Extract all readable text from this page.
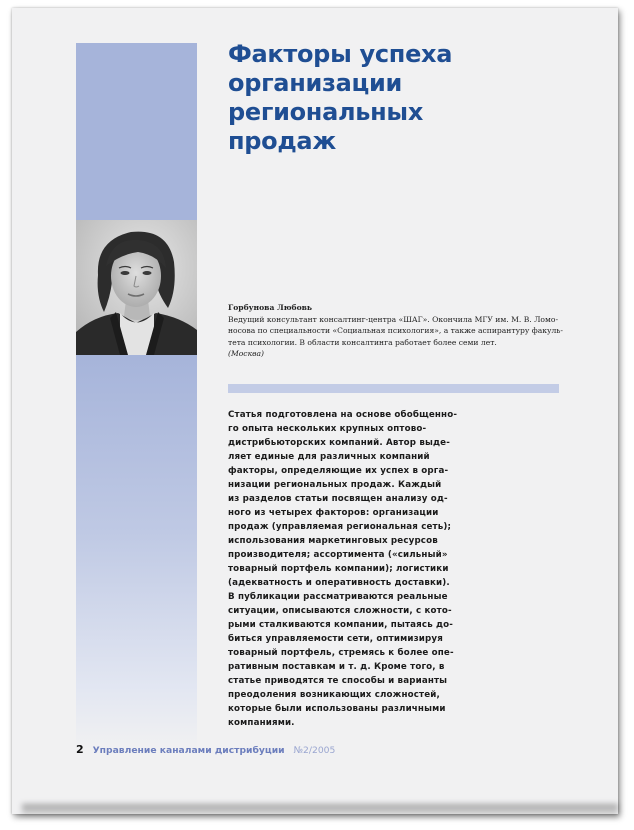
Факторы успеха
организации
региональных
продаж
Горбунова Любовь
Ведущий консультант консалтинг-центра «ШАГ». Окончила МГУ им. М. В. Ломо-
носова по специальности «Социальная психология», а также аспирантуру факуль-
тета психологии. В области консалтинга работает более семи лет.
(Москва)
Статья подготовлена на основе обобщенно-
го опыта нескольких крупных оптово-
дистрибьюторских компаний. Автор выде-
ляет единые для различных компаний
факторы, определяющие их успех в орга-
низации региональных продаж. Каждый
из разделов статьи посвящен анализу од-
ного из четырех факторов: организации
продаж (управляемая региональная сеть);
использования маркетинговых ресурсов
производителя; ассортимента («сильный»
товарный портфель компании); логистики
(адекватность и оперативность доставки).
В публикации рассматриваются реальные
ситуации, описываются сложности, с кото-
рыми сталкиваются компании, пытаясь до-
биться управляемости сети, оптимизируя
товарный портфель, стремясь к более опе-
ративным поставкам и т. д. Кроме того, в
статье приводятся те способы и варианты
преодоления возникающих сложностей,
которые были использованы различными
компаниями.
2 Управление каналами дистрибуции №2/2005
